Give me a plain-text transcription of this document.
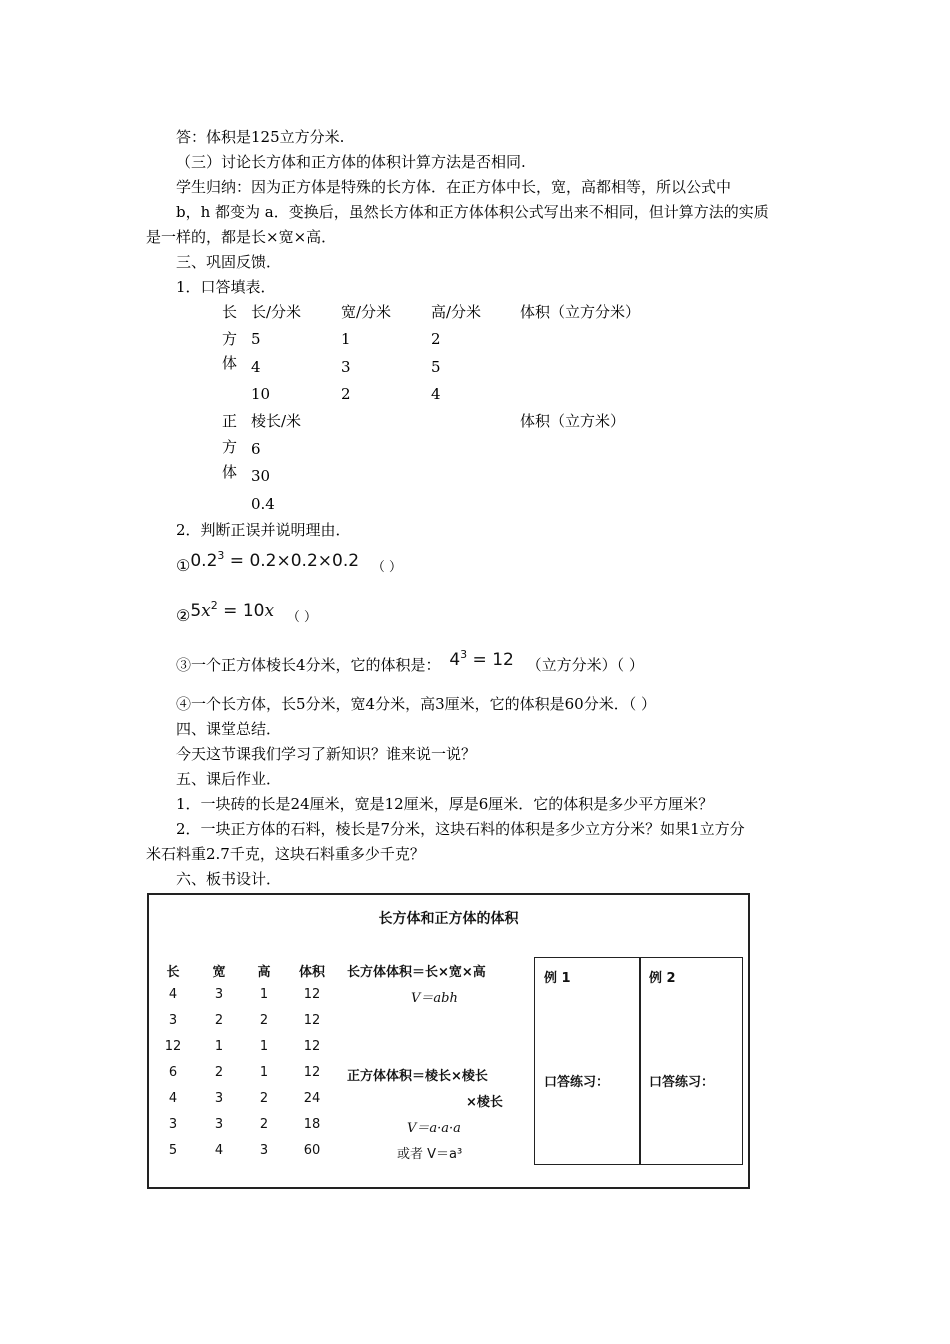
答：体积是125立方分米.
（三）讨论长方体和正方体的体积计算方法是否相同.
学生归纳：因为正方体是特殊的长方体．在正方体中长，宽，高都相等，所以公式中
b，h 都变为 a．变换后，虽然长方体和正方体体积公式写出来不相同，但计算方法的实质
是一样的，都是长×宽×高．
三、巩固反馈．
1．口答填表．
长
方
体
长/分米	宽/分米	高/分米	体积（立方分米）
5	1	2
4	3	5
10	2	4
正
方
体
棱长/米	体积（立方米）
6
30
0.4
2．判断正误并说明理由．
$①0.2^3 = 0.2\times 0.2\times 0.2$ （ ）
$②5x^2 = 10x$ （ ）
③一个正方体棱长4分米，它的体积是： $4^3 = 12$ （立方分米）（ ）
④一个长方体，长5分米，宽4分米，高3厘米，它的体积是60分米．（ ）
四、课堂总结．
今天这节课我们学习了新知识？谁来说一说？
五、课后作业．
1．一块砖的长是24厘米，宽是12厘米，厚是6厘米．它的体积是多少平方厘米？
2．一块正方体的石料，棱长是7分米，这块石料的体积是多少立方分米？如果1立方分
米石料重2.7千克，这块石料重多少千克？
六、板书设计．
长方体和正方体的体积
长	宽	高	体积
4	3	1	12
3	2	2	12
12	1	1	12
6	2	1	12
4	3	2	24
3	3	2	18
5	4	3	60
长方体体积＝长×宽×高
V＝abh
正方体体积＝棱长×棱长
×棱长
V＝a·a·a
或者 V＝a³
例 1	例 2
口答练习：	口答练习：
